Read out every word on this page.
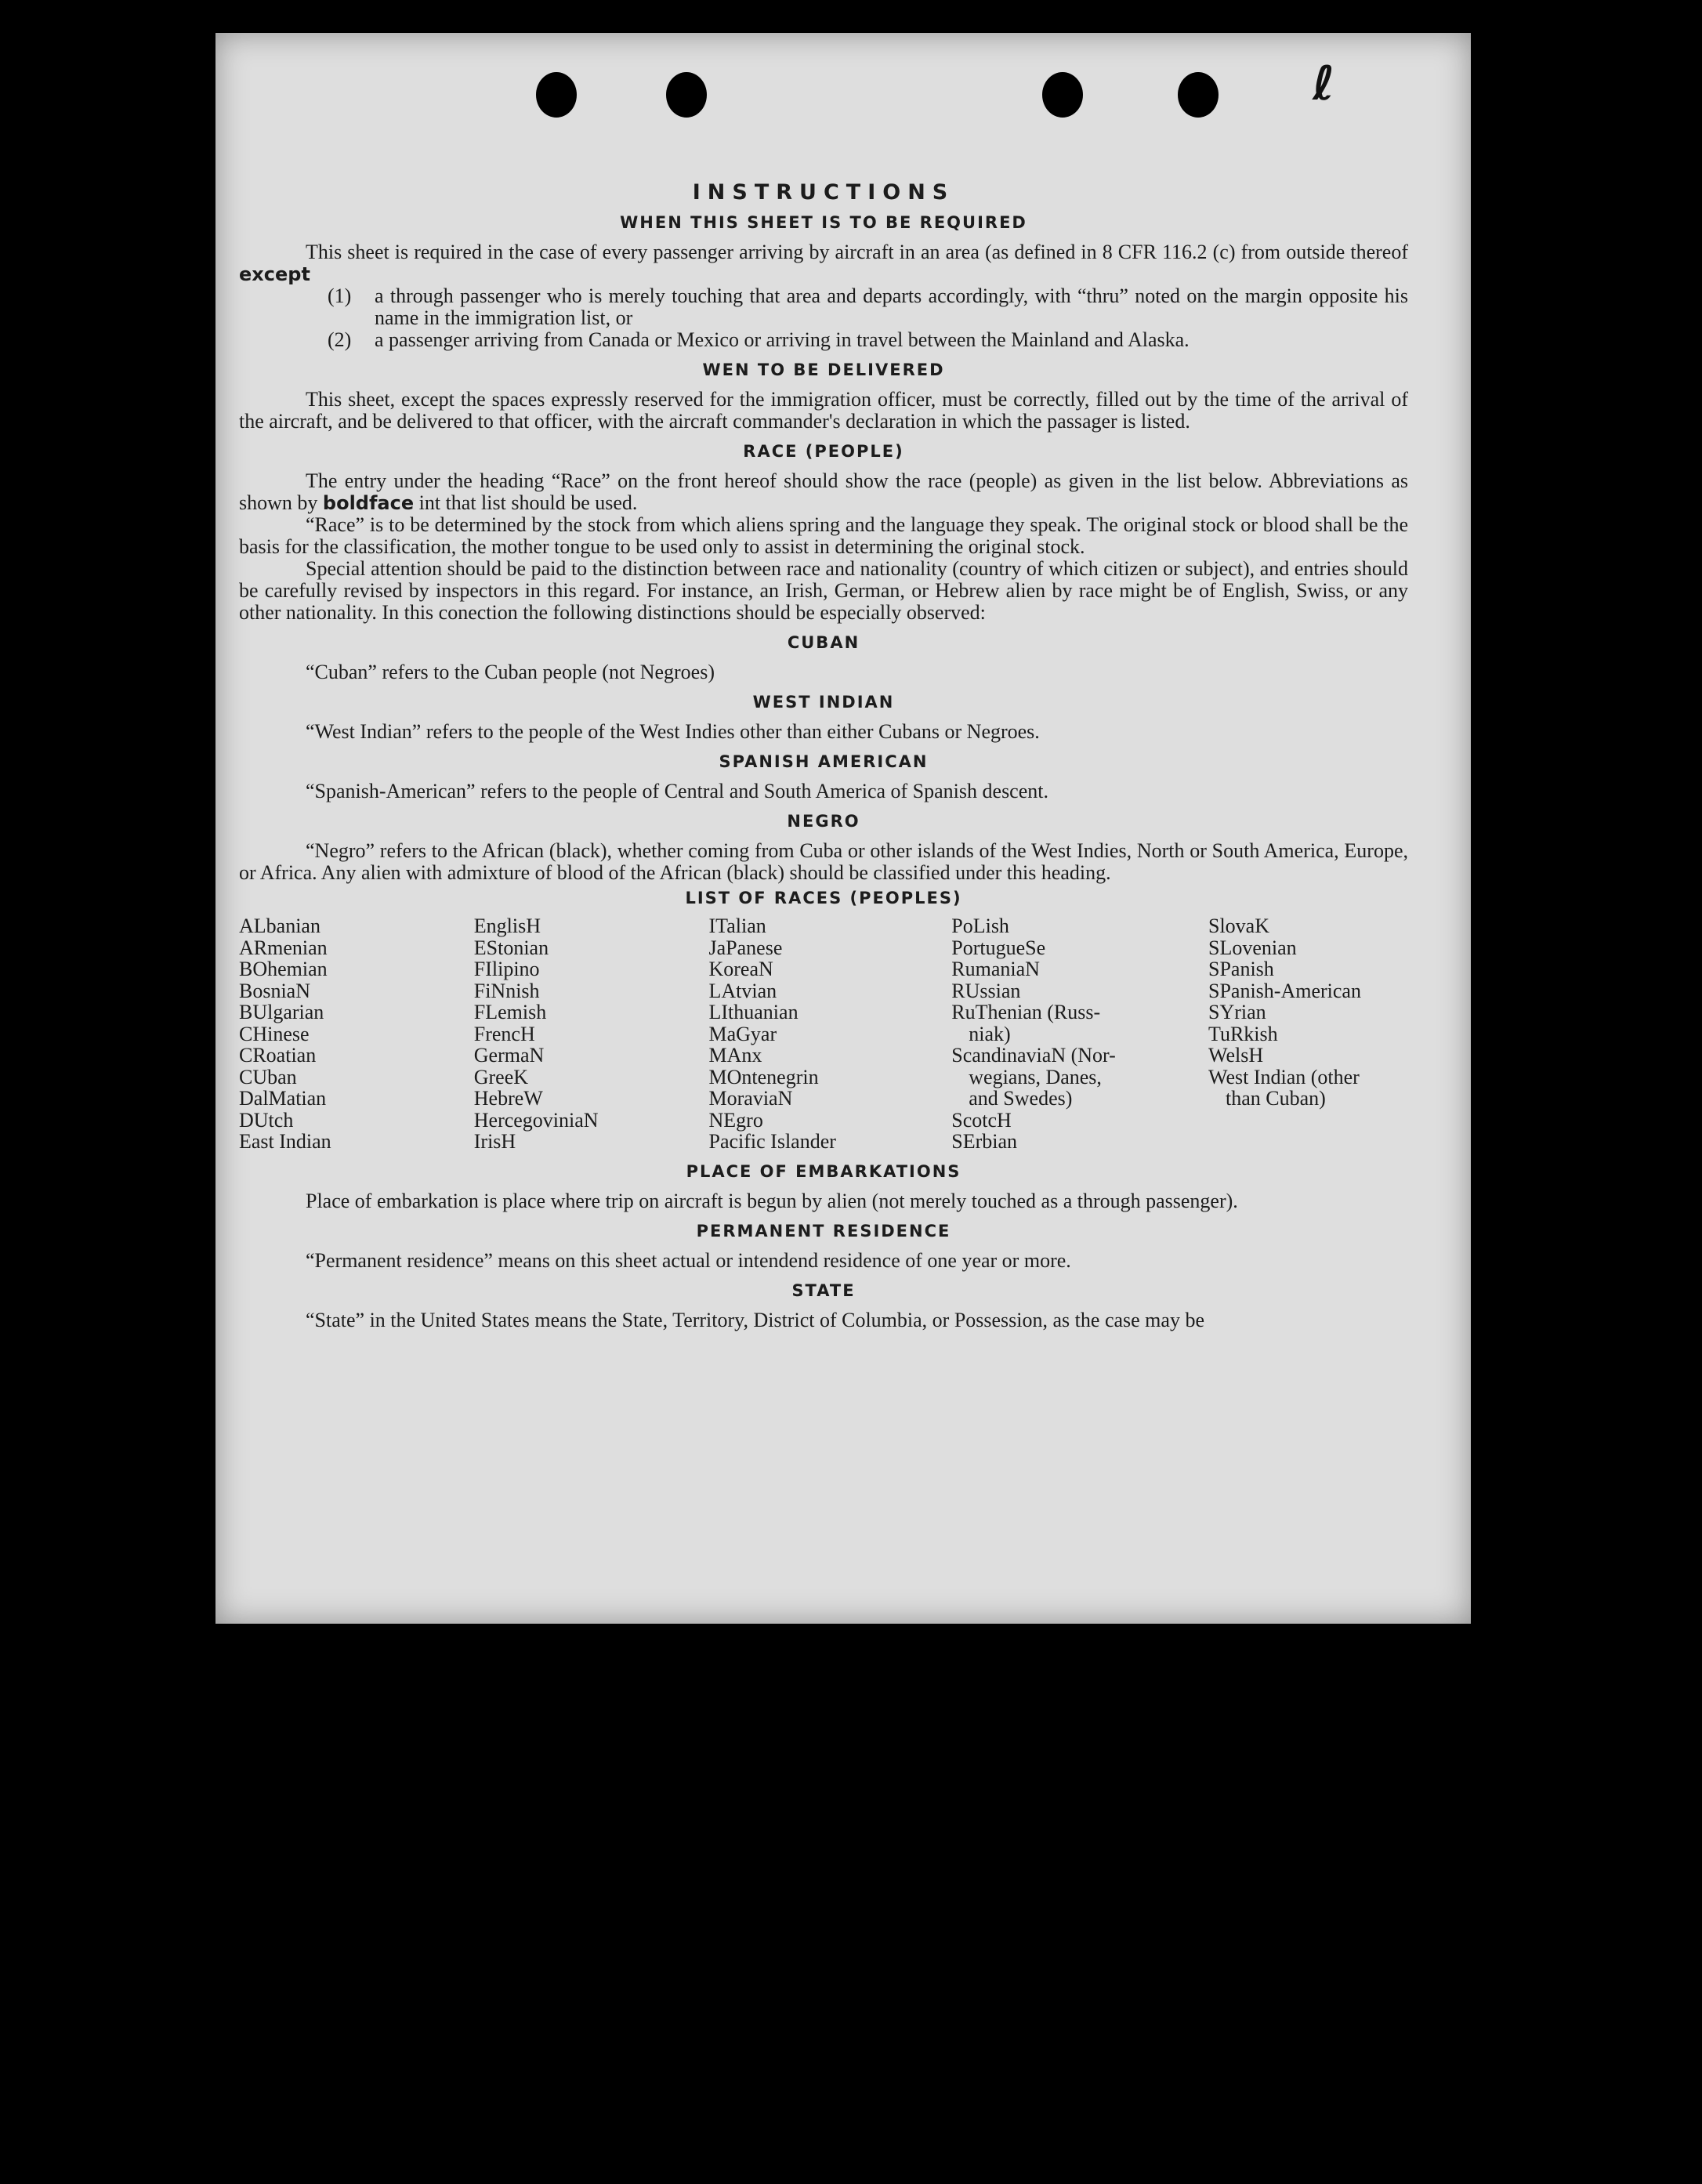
ℓ
INSTRUCTIONS
WHEN THIS SHEET IS TO BE REQUIRED

This sheet is required in the case of every passenger arriving by aircraft in an area (as defined in 8 CFR 116.2 (c) from outside thereof except

(1)	a through passenger who is merely touching that area and departs accordingly, with “thru” noted on the margin opposite his name in the immigration list, or
(2)	a passenger arriving from Canada or Mexico or arriving in travel between the Mainland and Alaska.
WEN TO BE DELIVERED

This sheet, except the spaces expressly reserved for the immigration officer, must be correctly, filled out by the time of the arrival of the aircraft, and be delivered to that officer, with the aircraft commander's declaration in which the passager is listed.

RACE (PEOPLE)

The entry under the heading “Race” on the front hereof should show the race (people) as given in the list below. Abbreviations as shown by boldface int that list should be used.

“Race” is to be determined by the stock from which aliens spring and the language they speak. The original stock or blood shall be the basis for the classification, the mother tongue to be used only to assist in determining the original stock.

Special attention should be paid to the distinction between race and nationality (country of which citizen or subject), and entries should be carefully revised by inspectors in this regard. For instance, an Irish, German, or Hebrew alien by race might be of English, Swiss, or any other nationality. In this conection the following distinctions should be especially observed:

CUBAN

“Cuban” refers to the Cuban people (not Negroes)

WEST INDIAN

“West Indian” refers to the people of the West Indies other than either Cubans or Negroes.

SPANISH AMERICAN

“Spanish-American” refers to the people of Central and South America of Spanish descent.

NEGRO

“Negro” refers to the African (black), whether coming from Cuba or other islands of the West Indies, North or South America, Europe, or Africa. Any alien with admixture of blood of the African (black) should be classified under this heading.

LIST OF RACES (PEOPLES)
ALbanian
ARmenian
BOhemian
BosniaN
BUlgarian
CHinese
CRoatian
CUban
DalMatian
DUtch
East Indian
EnglisH
EStonian
FIlipino
FiNnish
FLemish
FrencH
GermaN
GreeK
HebreW
HercegoviniaN
IrisH
ITalian
JaPanese
KoreaN
LAtvian
LIthuanian
MaGyar
MAnx
MOntenegrin
MoraviaN
NEgro
Pacific Islander
PoLish
PortugueSe
RumaniaN
RUssian
RuThenian (Russ-
niak)
ScandinaviaN (Nor-
wegians, Danes,
and Swedes)
ScotcH
SErbian
SlovaK
SLovenian
SPanish
SPanish-American
SYrian
TuRkish
WelsH
West Indian (other
than Cuban)
PLACE OF EMBARKATIONS

Place of embarkation is place where trip on aircraft is begun by alien (not merely touched as a through passenger).

PERMANENT RESIDENCE

“Permanent residence” means on this sheet actual or intendend residence of one year or more.

STATE

“State” in the United States means the State, Territory, District of Columbia, or Possession, as the case may be
